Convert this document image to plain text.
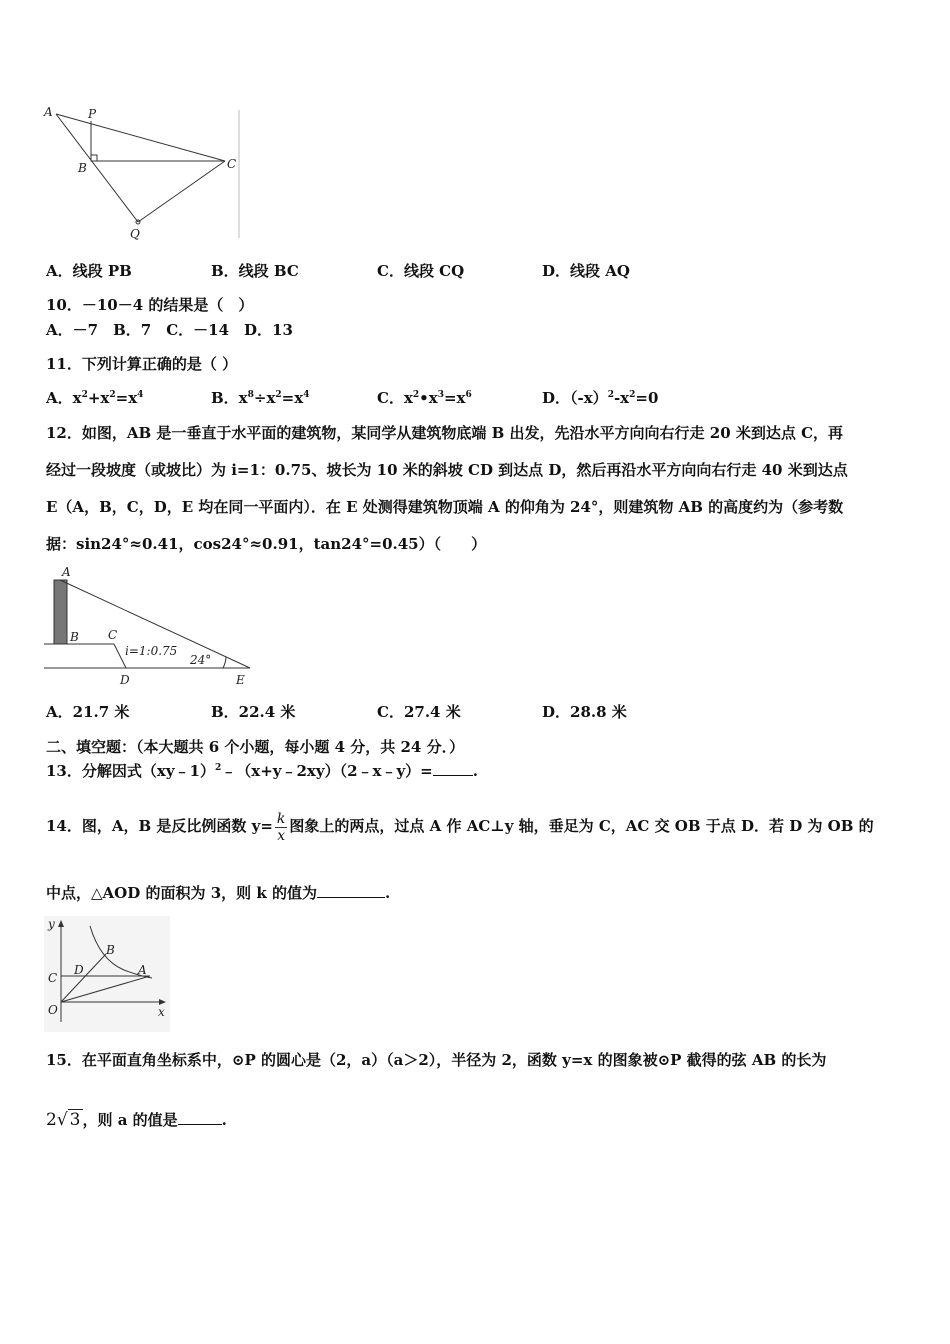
A	P
B	C
Q
A．线段 PB	B．线段 BC	C．线段 CQ	D．线段 AQ
10．－10－4 的结果是（　）
A．－7　B．7　C．－14　D．13
11．下列计算正确的是（ ）
A．$x^2+x^2=x^4$	B．$x^8\div x^2=x^4$	C．$x^2•x^3=x^6$	D．$(-x)^2-x^2=0$
12．如图，AB 是一垂直于水平面的建筑物，某同学从建筑物底端 B 出发，先沿水平方向向右行走 20 米到达点 C，再
经过一段坡度（或坡比）为 i=1：0.75、坡长为 10 米的斜坡 CD 到达点 D，然后再沿水平方向向右行走 40 米到达点
E（A，B，C，D，E 均在同一平面内）．在 E 处测得建筑物顶端 A 的仰角为 24°，则建筑物 AB 的高度约为（参考数
据：sin24°≈0.41，cos24°≈0.91，tan24°=0.45）（　　）
A
B C
i=1:0.75
24°
D	E
A．21.7 米	B．22.4 米	C．27.4 米	D．28.8 米
二、填空题：（本大题共 6 个小题，每小题 4 分，共 24 分．）
13．分解因式（xy﹣1）$^2$﹣（x+y﹣2xy）（2﹣x﹣y）=	.
14．图，A，B 是反比例函数 $y= \frac{k}{x}$ 图象上的两点，过点 A 作 AC⊥y 轴，垂足为 C，AC 交 OB 于点 D．若 D 为 OB 的
中点，△AOD 的面积为 3，则 k 的值为	.
y
x
O
C
D
B
A
15．在平面直角坐标系中，⊙P 的圆心是（2，a）（a＞2），半径为 2，函数 y=x 的图象被⊙P 截得的弦 AB 的长为
2√ 3 ，则 a 的值是	.
